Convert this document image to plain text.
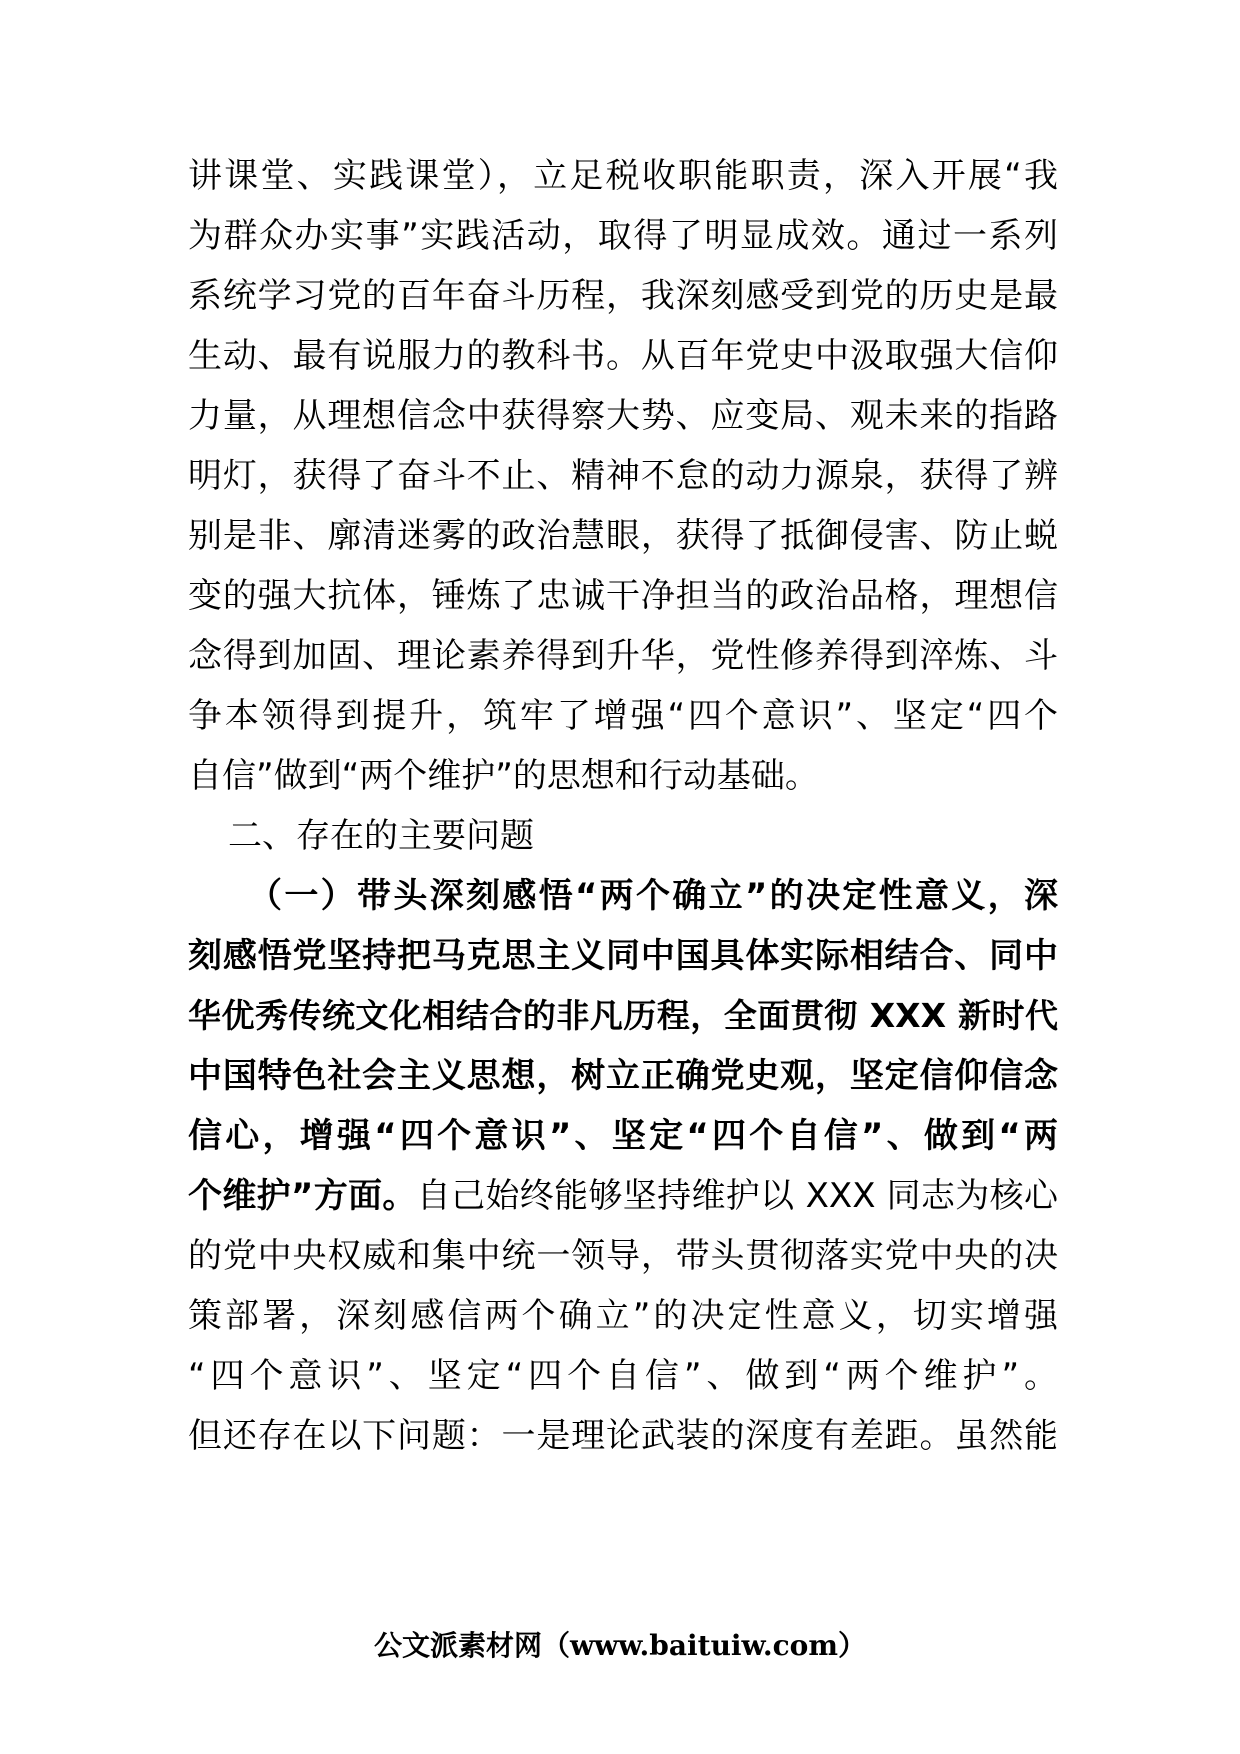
讲课堂、实践课堂），立足税收职能职责，深入开展“我
为群众办实事”实践活动，取得了明显成效。通过一系列
系统学习党的百年奋斗历程，我深刻感受到党的历史是最
生动、最有说服力的教科书。从百年党史中汲取强大信仰
力量，从理想信念中获得察大势、应变局、观未来的指路
明灯，获得了奋斗不止、精神不怠的动力源泉，获得了辨
别是非、廓清迷雾的政治慧眼，获得了抵御侵害、防止蜕
变的强大抗体，锤炼了忠诚干净担当的政治品格，理想信
念得到加固、理论素养得到升华，党性修养得到淬炼、斗
争本领得到提升，筑牢了增强“四个意识”、坚定“四个
自信”做到“两个维护”的思想和行动基础。
二、存在的主要问题
（一）带头深刻感悟“两个确立”的决定性意义，深
刻感悟党坚持把马克思主义同中国具体实际相结合、同中
华优秀传统文化相结合的非凡历程，全面贯彻 XXX 新时代
中国特色社会主义思想，树立正确党史观，坚定信仰信念
信心，增强“四个意识”、坚定“四个自信”、做到“两
个维护”方面。自己始终能够坚持维护以 XXX 同志为核心
的党中央权威和集中统一领导，带头贯彻落实党中央的决
策部署，深刻感信两个确立”的决定性意义，切实增强
“四个意识”、坚定“四个自信”、做到“两个维护”。
但还存在以下问题：一是理论武装的深度有差距。虽然能
公文派素材网（www.baituiw.com）
